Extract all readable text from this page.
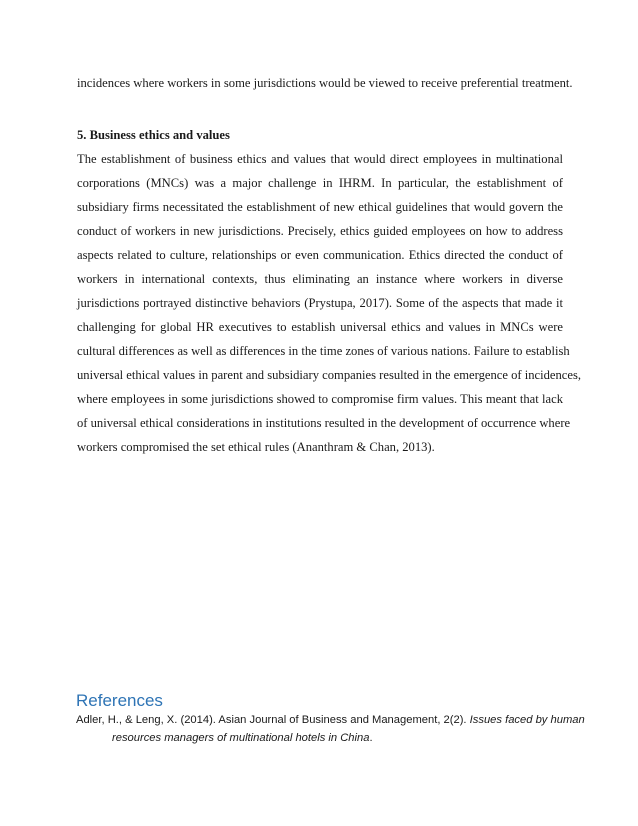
incidences where workers in some jurisdictions would be viewed to receive preferential treatment.
5. Business ethics and values
The establishment of business ethics and values that would direct employees in multinational
corporations (MNCs) was a major challenge in IHRM. In particular, the establishment of
subsidiary firms necessitated the establishment of new ethical guidelines that would govern the
conduct of workers in new jurisdictions. Precisely, ethics guided employees on how to address
aspects related to culture, relationships or even communication. Ethics directed the conduct of
workers in international contexts, thus eliminating an instance where workers in diverse
jurisdictions portrayed distinctive behaviors (Prystupa, 2017). Some of the aspects that made it
challenging for global HR executives to establish universal ethics and values in MNCs were
cultural differences as well as differences in the time zones of various nations. Failure to establish
universal ethical values in parent and subsidiary companies resulted in the emergence of incidences,
where employees in some jurisdictions showed to compromise firm values. This meant that lack
of universal ethical considerations in institutions resulted in the development of occurrence where
workers compromised the set ethical rules (Ananthram & Chan, 2013).
References
Adler, H., & Leng, X. (2014). Asian Journal of Business and Management, 2(2). Issues faced by human
resources managers of multinational hotels in China.
